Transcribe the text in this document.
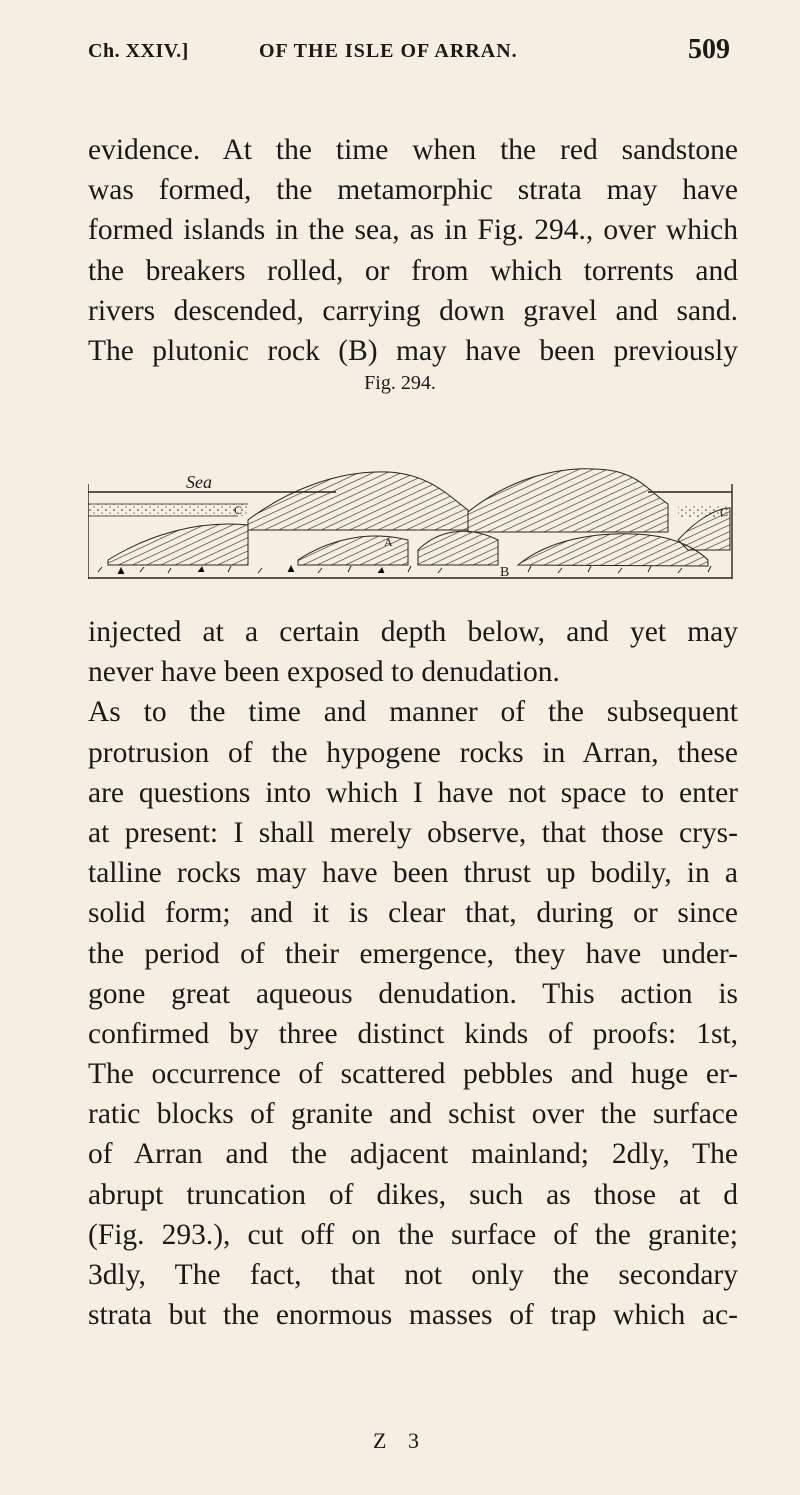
Ch. XXIV.]	OF THE ISLE OF ARRAN.	509
evidence. At the time when the red sandstone
was formed, the metamorphic strata may have
formed islands in the sea, as in Fig. 294., over which
the breakers rolled, or from which torrents and
rivers descended, carrying down gravel and sand.
The plutonic rock (B) may have been previously
Fig. 294.
Sea
C	C
A
B
injected at a certain depth below, and yet may
never have been exposed to denudation.
As to the time and manner of the subsequent
protrusion of the hypogene rocks in Arran, these
are questions into which I have not space to enter
at present: I shall merely observe, that those crys-
talline rocks may have been thrust up bodily, in a
solid form; and it is clear that, during or since
the period of their emergence, they have under-
gone great aqueous denudation. This action is
confirmed by three distinct kinds of proofs: 1st,
The occurrence of scattered pebbles and huge er-
ratic blocks of granite and schist over the surface
of Arran and the adjacent mainland; 2dly, The
abrupt truncation of dikes, such as those at d
(Fig. 293.), cut off on the surface of the granite;
3dly, The fact, that not only the secondary
strata but the enormous masses of trap which ac-
Z 3
